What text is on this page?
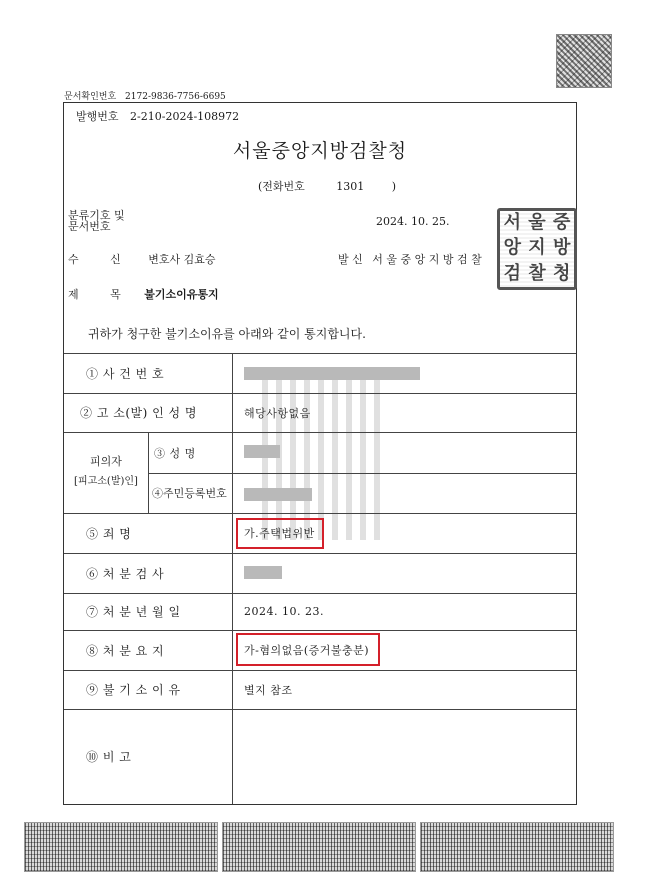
문서확인번호 2172-9836-7756-6695
발행번호 2-210-2024-108972
서울중앙지방검찰청
(전화번호	1301	)
분류기호 및
문서번호	2024. 10. 25.	서 울 중
앙 지 방
검 찰 청
수 신 변호사 김효승	발 신 서 울 중 앙 지 방 검 찰
제 목 불기소이유통지
귀하가 청구한 불기소이유를 아래와 같이 통지합니다.
① 사 건 번 호
② 고 소(발) 인 성 명	해당사항없음
피의자
[피고소(발)인]
③ 성 명
④주민등록번호
⑤ 죄 명	가.주택법위반
⑥ 처 분 검 사
⑦ 처 분 년 월 일	2024. 10. 23.
⑧ 처 분 요 지	가-혐의없음(증거불충분)
⑨ 불 기 소 이 유	별지 참조
⑩ 비 고
